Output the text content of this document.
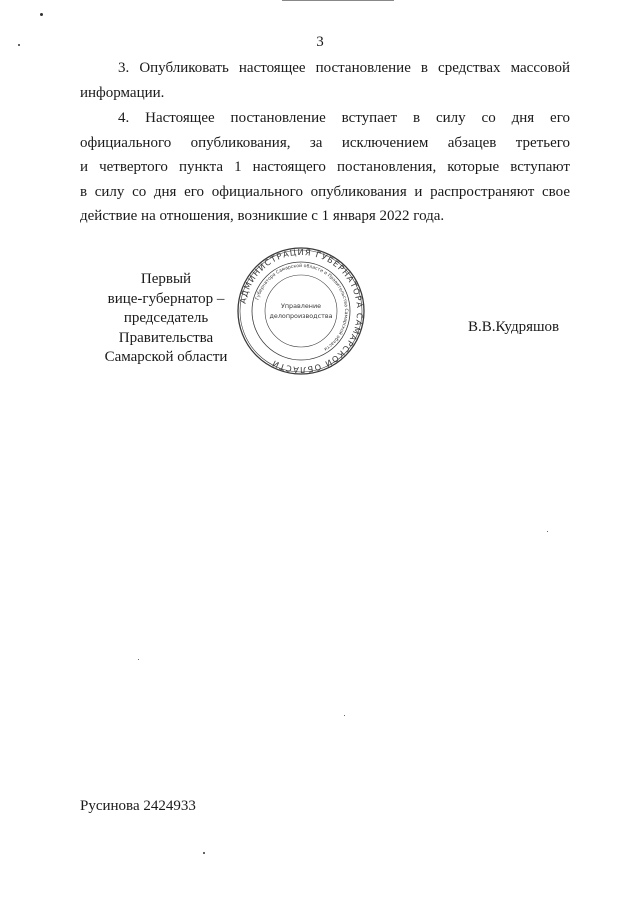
3
3. Опубликовать настоящее постановление в средствах массовой
информации.
4. Настоящее постановление вступает в силу со дня его
официального опубликования, за исключением абзацев третьего
и четвертого пункта 1 настоящего постановления, которые вступают
в силу со дня его официального опубликования и распространяют свое
действие на отношения, возникшие с 1 января 2022 года.
Первый
вице-губернатор –
председатель Правительства
Самарской области
АДМИНИСТРАЦИЯ ГУБЕРНАТОРА САМАРСКОЙ ОБЛАСТИ
Губернатора Самарской области и Правительства Самарской области
Управление
делопроизводства
В.В.Кудряшов
Русинова 2424933
